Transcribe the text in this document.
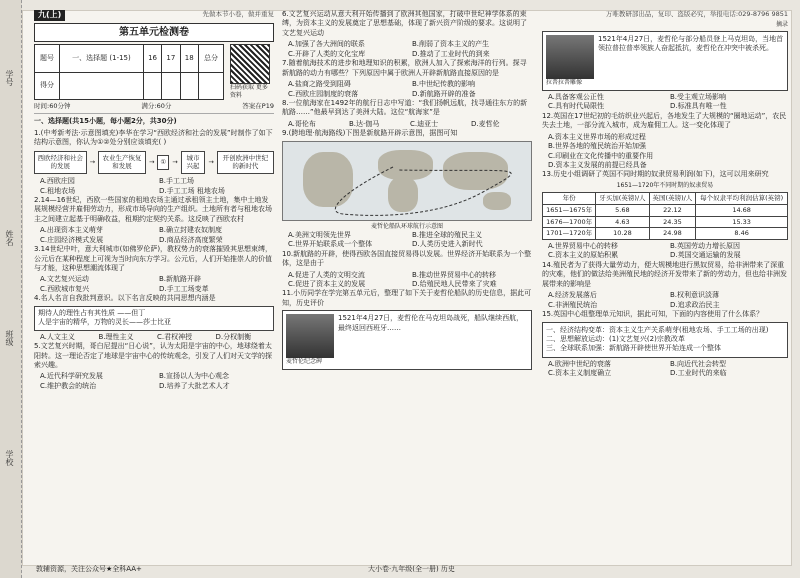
学号
姓名
班级
学校
九(上)	先做本节小卷，做并重复
第五单元检测卷
题号	一、选择题 (1-15)	16	17	18	总分
得分						扫码获取 更多 资料
时间:60分钟	满分:60分	答案在P19
一、选择题(共15小题，每小题2分，共30分)
1.(中考新考法·示意图填充)李华在学习“西欧经济和社会的发展”时制作了如下结构示意图，你认为①②处分别应该填充( )
西欧经济和社会的发展
→
农业生产恢复和发展
→ ① →
城市兴起
→
开创欧洲中世纪的新时代
A.西欧庄园	B.手工工场
C.租地农场	D.手工工场 租地农场
2.14—16世纪，西欧一些国家的租地农场主通过承租领主土地，集中土地发展规模经营并雇佣劳动力，形成市场导向的生产组织。土地所有者与租地农场主之间建立起基于明确收益，租期约定契约关系。这反映了西欧农村
A.出现资本主义萌芽	B.确立封建农奴制度
C.庄园经济模式发展	D.商品经济高度繁荣
3.14世纪中叶，意大利城市(如佛罗伦萨)，教权势力的衰落摧毁其思想束缚，公元后在某种程度上可视为当时向东方学习。公元后，人们开始推崇人的价值与才能，这种思想潮流体现了
A.文艺复兴运动	B.新航路开辟
C.西欧城市复兴	D.手工工场变革
4.名人名言自我批判意识。以下名言反映的共同思想内涵是
期待人的理性占有其性质 ——但丁
人是宇宙的精华，万物的灵长——莎士比亚
A.人文主义	B.理性主义	C.君权神授	D.分权制衡
5.文艺复兴时期，哥白尼提出“日心说”，认为太阳是宇宙的中心，地球绕着太阳转。这一理论否定了地球是宇宙中心的传统观念，引发了人们对天文学的探索兴趣。
A.近代科学研究发展	B.宣扬以人为中心观念
C.维护教会的统治	D.培养了大批艺术人才
敦辅资源，关注公众号★全科AA+
6.文艺复兴运动从意大利开始传播到了欧洲其他国家，打破中世纪神学体系的束缚，为资本主义的发展奠定了思想基础，体现了新兴资产阶级的要求。这说明了文艺复兴运动
A.加强了各大洲间的联系	B.削弱了资本主义的产生
C.开辟了人类的文化宝库	D.推动了工业时代的到来
7.随着航海技术的进步和地理知识的积累，欧洲人加入了探索海洋的行列。探寻新航路的动力有哪些？下列原因中属于欧洲人开辟新航路直接原因的是
A.盐商之路受到阻碍	B.中世纪传教的影响
C.西欧庄园制度的衰落	D.新航路开辟的准备
8.一位航海家在1492年的航行日志中写道：“我们扬帆远航，找寻通往东方的新航路……”他最早到达了美洲大陆。这位“航海家”是
A.哥伦布	B.达·伽马	C.迪亚士	D.麦哲伦
9.(跨地理·航海路线)下图是新航路开辟示意图，据图可知
麦哲伦船队环球航行示意图
A.美洲文明领先世界	B.推进全球的殖民主义
C.世界开始联系成一个整体	D.人类历史进入新时代
10.新航路的开辟，使得西欧各国直接贸易得以发展。世界经济开始联系为一个整体，这是由于
A.促进了人类的文明交流	B.推动世界贸易中心的转移
C.促进了资本主义的发展	D.给殖民地人民带来了灾难
11.小历同学在学完第五单元后，整理了如下关于麦哲伦船队的历史信息，据此可知，历史评价
1521年4月27日，麦哲伦在马克坦岛战死，船队继续西航，最终返回西班牙……
麦哲伦纪念碑
大小卷·九年级(全一册) 历史
万唯教研部出品，复印、盗版必究，举报电话:029-8796 9851
摘录
1521年4月27日，麦哲伦与部分船员登上马克坦岛，当地首领拉普拉普率领族人奋起抵抗，麦哲伦在冲突中被杀死。
拉普拉普雕像
A.具备客观公正性	B.受主观立场影响
C.具有时代局限性	D.标准具有唯一性
12.英国在17世纪初的毛纺织业兴起后，各地发生了大规模的“圈地运动”，农民失去土地，一部分流入城市，成为雇佣工人。这一变化体现了
A.资本主义世界市场的形成过程
B.世界各地的殖民统治开始加强
C.印刷业在文化传播中的重要作用
D.资本主义发展的前提已经具备
13.历史小组调研了英国不同时期的奴隶贸易利润(如下)，这可以用来研究
1651—1720年不同时期的奴隶贸易
年份	牙买加(英镑)/人	英国(英镑)/人	每个奴隶平均利润估算(英镑)
1651—1675年	5.68	22.12	14.68
1676—1700年	4.63	24.35	15.33
1701—1720年	10.28	24.98	8.46
A.世界贸易中心的转移	B.英国劳动力增长原因
C.资本主义的原始积累	D.英国交通运输的发展
14.殖民者为了获得大量劳动力，便大规模地进行黑奴贸易，给非洲带来了深重的灾难，他们的做法给美洲殖民地的经济开发带来了新的劳动力，但也给非洲发展带来的影响是
A.经济发展落后	B.权利意识淡薄
C.非洲殖民统治	D.追求政治民主
15.英国中心组整理单元知识，据此可知，下面的内容使用了什么体系？
一、经济结构变革：资本主义生产关系萌芽(租地农场、手工工场的出现)
二、思想解放运动：(1)文艺复兴(2)宗教改革
三、全球联系加强：新航路开辟使世界开始连成一个整体
A.欧洲中世纪的衰落	B.向近代社会转型
C.资本主义制度确立	D.工业时代的来临
